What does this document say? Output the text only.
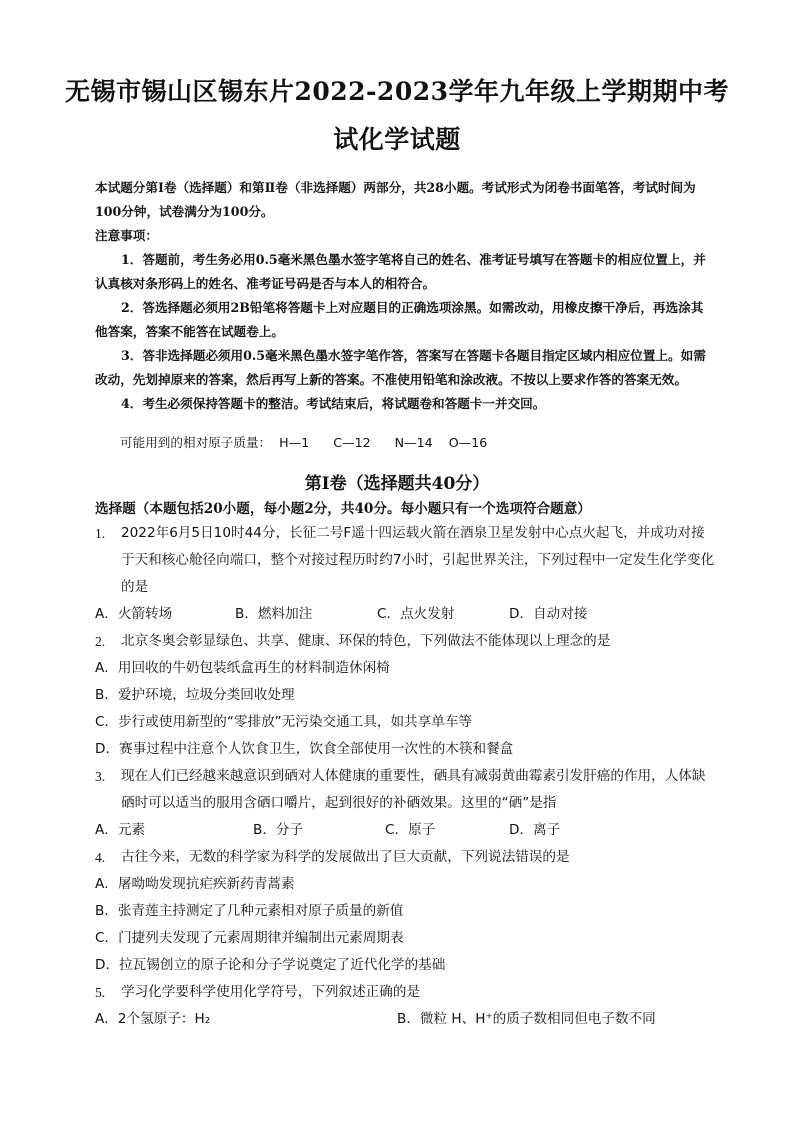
无锡市锡山区锡东片2022-2023学年九年级上学期期中考
试化学试题

本试题分第Ⅰ卷（选择题）和第Ⅱ卷（非选择题）两部分，共28小题。考试形式为闭卷书面笔答，考试时间为100分钟，试卷满分为100分。

注意事项：

1．答题前，考生务必用0.5毫米黑色墨水签字笔将自己的姓名、准考证号填写在答题卡的相应位置上，并认真核对条形码上的姓名、准考证号码是否与本人的相符合。

2．答选择题必须用2B铅笔将答题卡上对应题目的正确选项涂黑。如需改动，用橡皮擦干净后，再选涂其他答案，答案不能答在试题卷上。

3．答非选择题必须用0.5毫米黑色墨水签字笔作答，答案写在答题卡各题目指定区域内相应位置上。如需改动，先划掉原来的答案，然后再写上新的答案。不准使用铅笔和涂改液。不按以上要求作答的答案无效。

4．考生必须保持答题卡的整洁。考试结束后，将试题卷和答题卡一并交回。

可能用到的相对原子质量：  H—1      C—12      N—14    O—16
第Ⅰ卷（选择题共40分）
选择题（本题包括20小题，每小题2分，共40分。每小题只有一个选项符合题意）
1.	2022年6月5日10时44分，长征二号F遥十四运载火箭在酒泉卫星发射中心点火起飞，并成功对接于天和核心舱径向端口，整个对接过程历时约7小时，引起世界关注，下列过程中一定发生化学变化的是
A．火箭转场	B．燃料加注	C．点火发射	D．自动对接
2.	北京冬奥会彰显绿色、共享、健康、环保的特色，下列做法不能体现以上理念的是
A．用回收的牛奶包装纸盒再生的材料制造休闲椅
B．爱护环境，垃圾分类回收处理
C．步行或使用新型的“零排放”无污染交通工具，如共享单车等
D．赛事过程中注意个人饮食卫生，饮食全部使用一次性的木筷和餐盒
3.	现在人们已经越来越意识到硒对人体健康的重要性，硒具有减弱黄曲霉素引发肝癌的作用，人体缺硒时可以适当的服用含硒口嚼片，起到很好的补硒效果。这里的“硒”是指
A．元素	B．分子	C．原子	D．离子
4.	古往今来，无数的科学家为科学的发展做出了巨大贡献，下列说法错误的是
A．屠呦呦发现抗疟疾新药青蒿素
B．张青莲主持测定了几种元素相对原子质量的新值
C．门捷列夫发现了元素周期律并编制出元素周期表
D．拉瓦锡创立的原子论和分子学说奠定了近代化学的基础
5.	学习化学要科学使用化学符号，下列叙述正确的是
A．2个氢原子：H₂	B．微粒 H、H⁺的质子数相同但电子数不同
